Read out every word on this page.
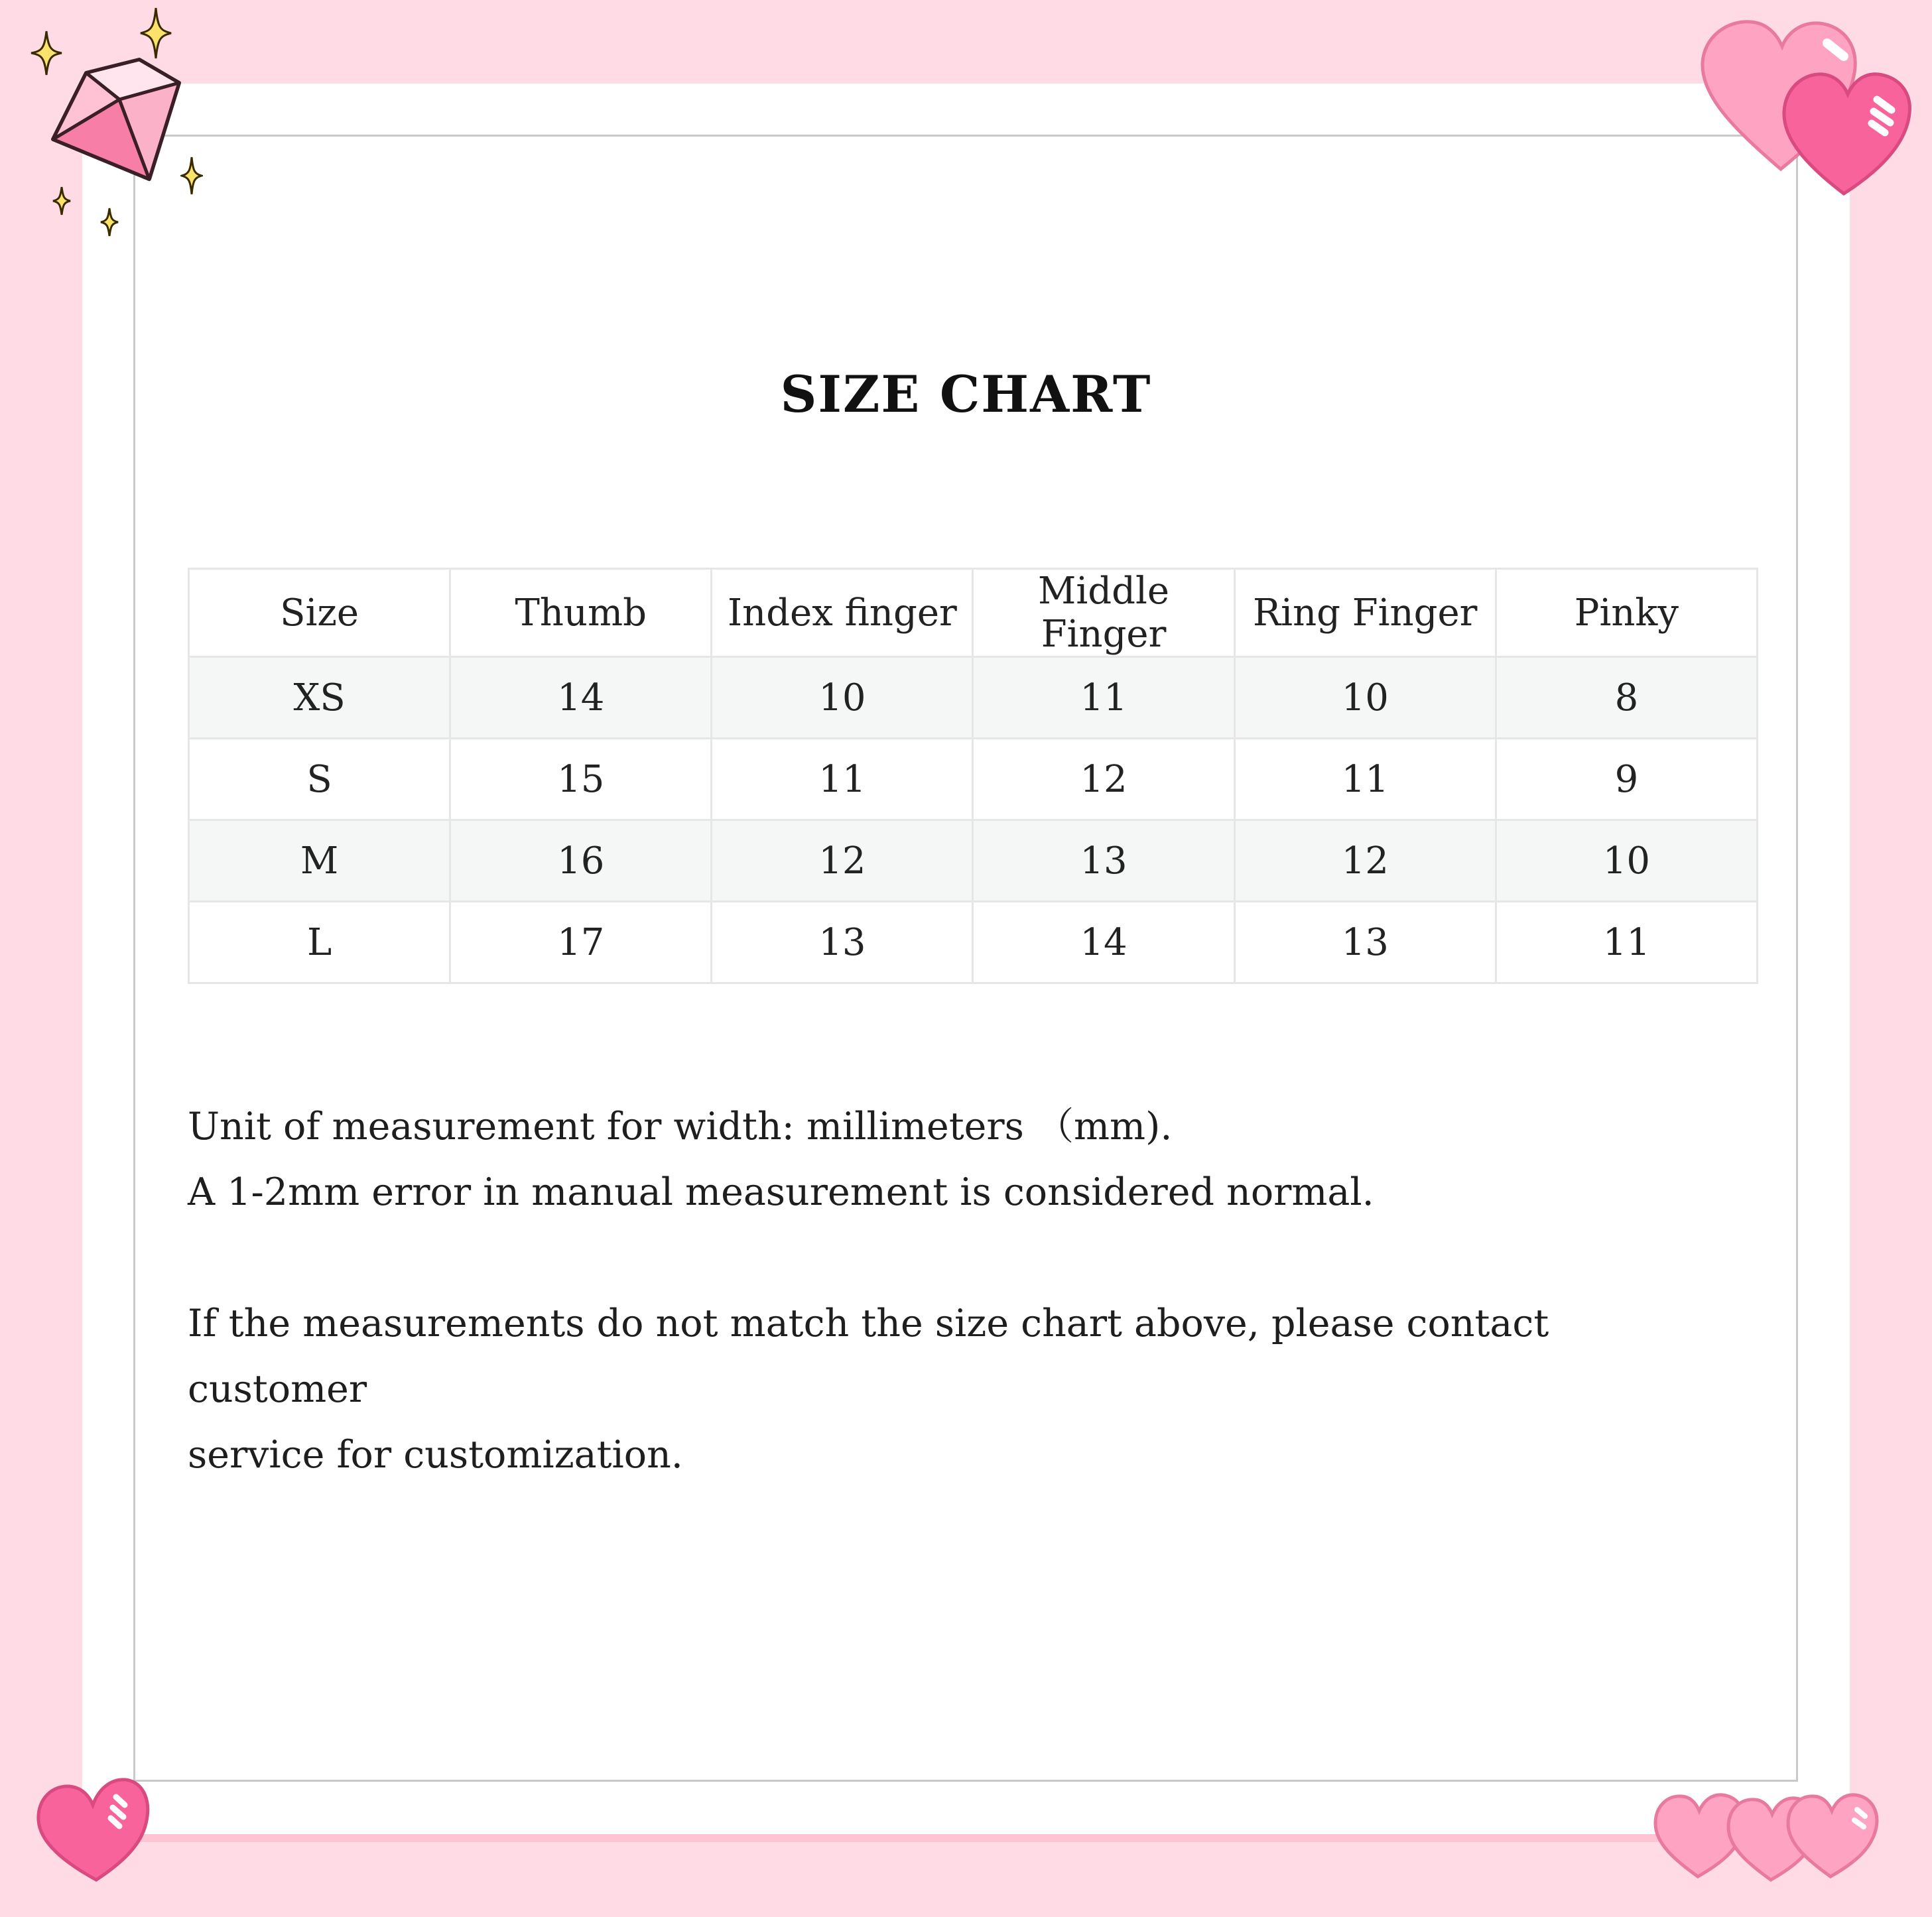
SIZE CHART
Size	Thumb	Index finger	Middle Finger	Ring Finger	Pinky
XS	14	10	11	10	8
S	15	11	12	11	9
M	16	12	13	12	10
L	17	13	14	13	11

Unit of measurement for width: millimeters （mm).

A 1-2mm error in manual measurement is considered normal.

If the measurements do not match the size chart above, please contact customer

service for customization.
